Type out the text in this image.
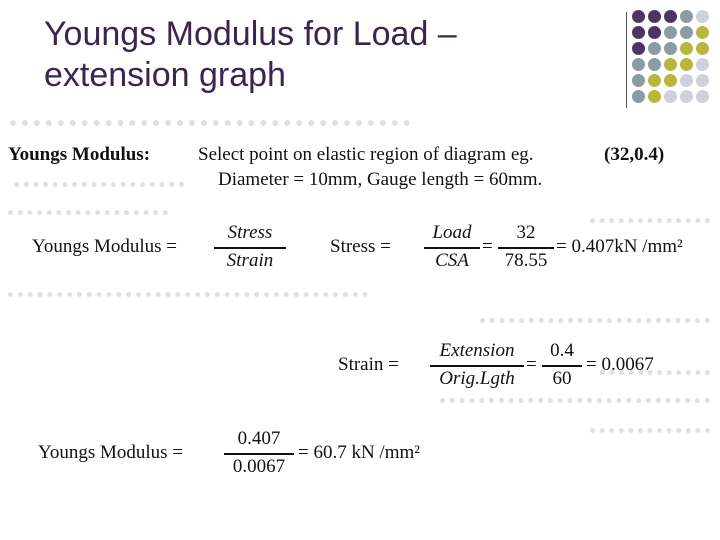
Youngs Modulus for Load – extension graph
Youngs Modulus:	Select point on elastic region of diagram eg.	(32,0.4)
Diameter = 10mm, Gauge length = 60mm.
Youngs Modulus =
Stress
Strain
Stress =
Load
CSA
=
32
78.55
= 0.407kN /mm²
Strain =
Extension
Orig.Lgth
=
0.4
60
= 0.0067
Youngs Modulus =
0.407
0.0067
= 60.7 kN /mm²
